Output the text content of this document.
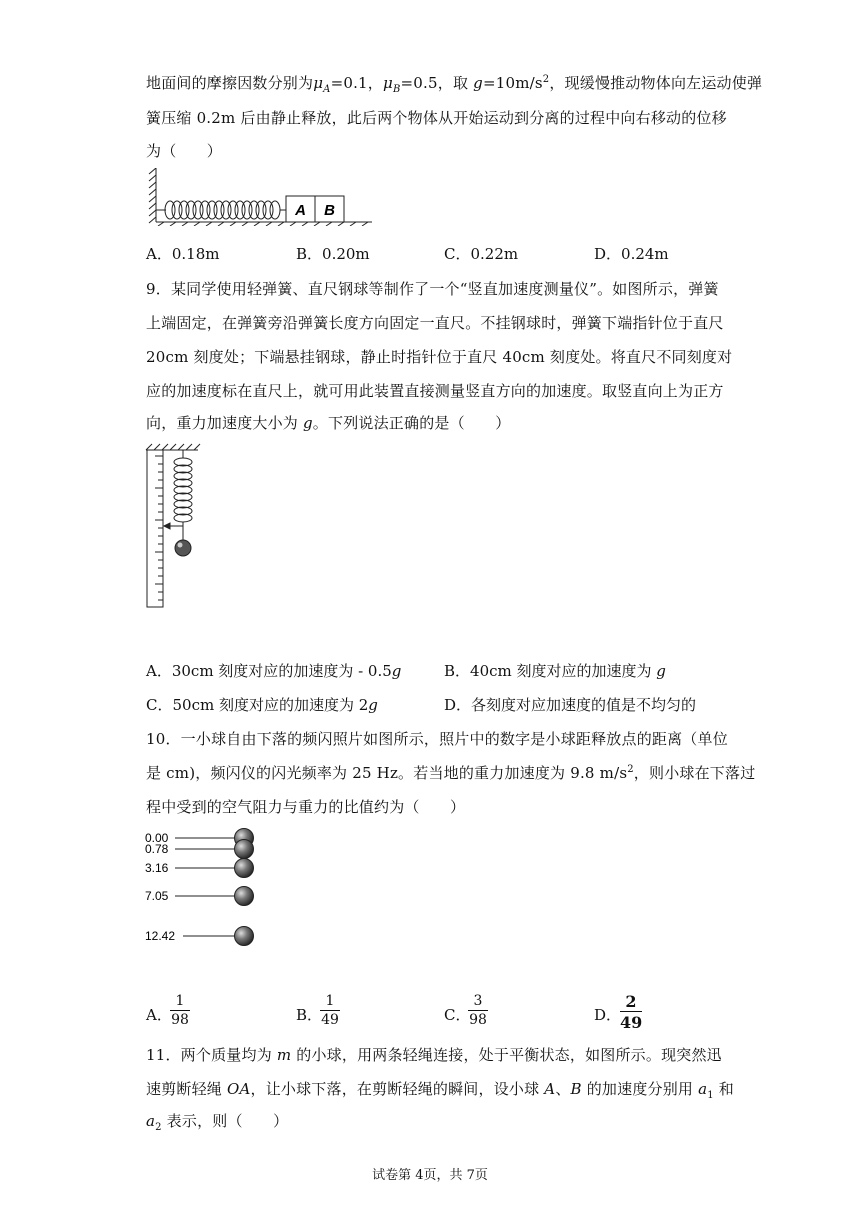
地面间的摩擦因数分别为$\mu_A=0.1$，$\mu_B=0.5$，取 $g=10m/s^2$，现缓慢推动物体向左运动使弹
簧压缩 0.2m 后由静止释放，此后两个物体从开始运动到分离的过程中向右移动的位移
为（　　）
A B
A．0.18m	B．0.20m	C．0.22m	D．0.24m
9．某同学使用轻弹簧、直尺钢球等制作了一个“竖直加速度测量仪”。如图所示，弹簧
上端固定，在弹簧旁沿弹簧长度方向固定一直尺。不挂钢球时，弹簧下端指针位于直尺
20cm 刻度处；下端悬挂钢球，静止时指针位于直尺 40cm 刻度处。将直尺不同刻度对
应的加速度标在直尺上，就可用此装置直接测量竖直方向的加速度。取竖直向上为正方
向，重力加速度大小为 g。下列说法正确的是（　　）
A．30cm 刻度对应的加速度为 - 0.5g	B．40cm 刻度对应的加速度为 g
C．50cm 刻度对应的加速度为 2g	D．各刻度对应加速度的值是不均匀的
10．一小球自由下落的频闪照片如图所示，照片中的数字是小球距释放点的距离（单位
是 cm)，频闪仪的闪光频率为 25 Hz。若当地的重力加速度为 9.8 $m/s^2$，则小球在下落过
程中受到的空气阻力与重力的比值约为（　　）
0.00
0.78
3.16
7.05
12.42
A．
$\frac{1}{98}$	B．
$\frac{1}{49}$	C．
$\frac{3}{98}$	D．
$\frac{2}{49}$
11．两个质量均为 m 的小球，用两条轻绳连接，处于平衡状态，如图所示。现突然迅
速剪断轻绳 OA，让小球下落，在剪断轻绳的瞬间，设小球 A、B 的加速度分别用 $a_1$ 和
$a_2$ 表示，则（　　）
试卷第 4页，共 7页
